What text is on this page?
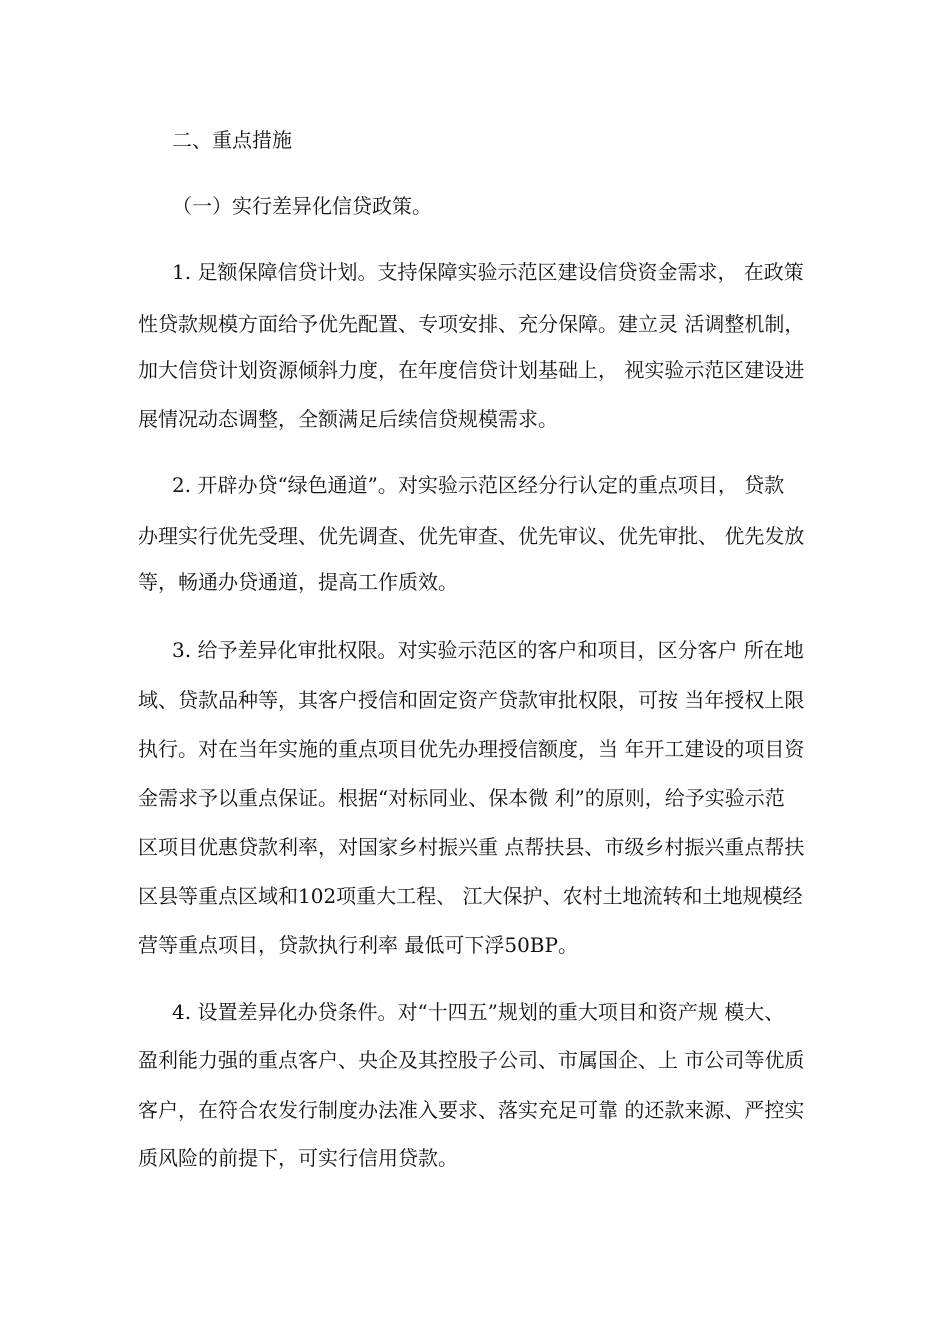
二、重点措施
（一）实行差异化信贷政策。
1. 足额保障信贷计划。支持保障实验示范区建设信贷资金需求， 在政策
性贷款规模方面给予优先配置、专项安排、充分保障。建立灵 活调整机制，
加大信贷计划资源倾斜力度，在年度信贷计划基础上， 视实验示范区建设进
展情况动态调整，全额满足后续信贷规模需求。
2. 开辟办贷“绿色通道”。对实验示范区经分行认定的重点项目， 贷款
办理实行优先受理、优先调查、优先审查、优先审议、优先审批、 优先发放
等，畅通办贷通道，提高工作质效。
3. 给予差异化审批权限。对实验示范区的客户和项目，区分客户 所在地
域、贷款品种等，其客户授信和固定资产贷款审批权限，可按 当年授权上限
执行。对在当年实施的重点项目优先办理授信额度，当 年开工建设的项目资
金需求予以重点保证。根据“对标同业、保本微 利”的原则，给予实验示范
区项目优惠贷款利率，对国家乡村振兴重 点帮扶县、市级乡村振兴重点帮扶
区县等重点区域和102项重大工程、 江大保护、农村土地流转和土地规模经
营等重点项目，贷款执行利率 最低可下浮50BP。
4. 设置差异化办贷条件。对“十四五”规划的重大项目和资产规 模大、
盈利能力强的重点客户、央企及其控股子公司、市属国企、上 市公司等优质
客户，在符合农发行制度办法准入要求、落实充足可靠 的还款来源、严控实
质风险的前提下，可实行信用贷款。
